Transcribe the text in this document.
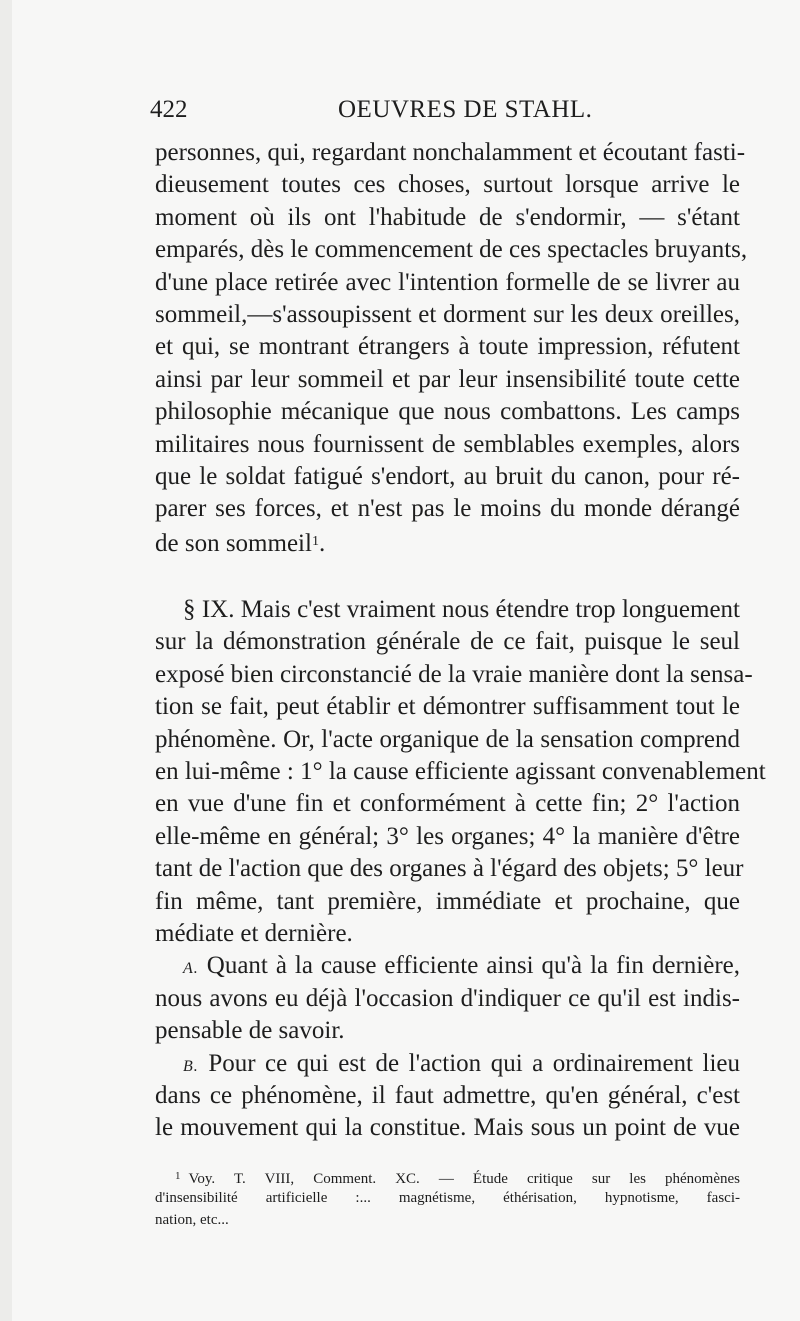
422	OEUVRES DE STAHL.
personnes, qui, regardant nonchalamment et écoutant fasti-
dieusement toutes ces choses, surtout lorsque arrive le
moment où ils ont l'habitude de s'endormir, — s'étant
emparés, dès le commencement de ces spectacles bruyants,
d'une place retirée avec l'intention formelle de se livrer au
sommeil,—s'assoupissent et dorment sur les deux oreilles,
et qui, se montrant étrangers à toute impression, réfutent
ainsi par leur sommeil et par leur insensibilité toute cette
philosophie mécanique que nous combattons. Les camps
militaires nous fournissent de semblables exemples, alors
que le soldat fatigué s'endort, au bruit du canon, pour ré-
parer ses forces, et n'est pas le moins du monde dérangé
de son sommeil$^1$.
§ IX. Mais c'est vraiment nous étendre trop longuement
sur la démonstration générale de ce fait, puisque le seul
exposé bien circonstancié de la vraie manière dont la sensa-
tion se fait, peut établir et démontrer suffisamment tout le
phénomène. Or, l'acte organique de la sensation comprend
en lui-même : 1° la cause efficiente agissant convenablement
en vue d'une fin et conformément à cette fin; 2° l'action
elle-même en général; 3° les organes; 4° la manière d'être
tant de l'action que des organes à l'égard des objets; 5° leur
fin même, tant première, immédiate et prochaine, que
médiate et dernière.
A. Quant à la cause efficiente ainsi qu'à la fin dernière,
nous avons eu déjà l'occasion d'indiquer ce qu'il est indis-
pensable de savoir.
B. Pour ce qui est de l'action qui a ordinairement lieu
dans ce phénomène, il faut admettre, qu'en général, c'est
le mouvement qui la constitue. Mais sous un point de vue
$^1$ Voy. T. VIII, Comment. XC. — Étude critique sur les phénomènes
d'insensibilité artificielle :... magnétisme, éthérisation, hypnotisme, fasci-
nation, etc...
